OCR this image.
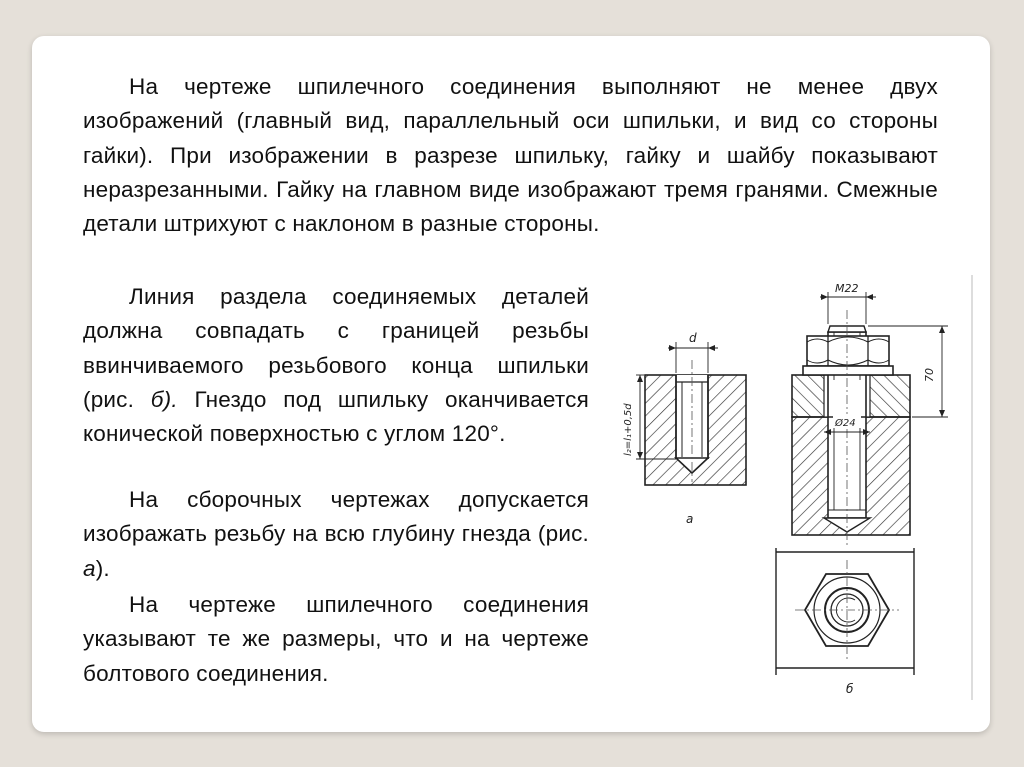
На чертеже шпилечного соединения выполняют не менее двух изображений (главный вид, параллельный оси шпильки, и вид со стороны гайки). При изображении в разрезе шпильку, гайку и шайбу показывают неразрезанными. Гайку на главном виде изображают тремя гранями. Смежные детали штрихуют с наклоном в разные стороны.

Линия раздела соединяемых деталей должна совпадать с границей резьбы ввинчиваемого резьбового конца шпильки (рис. б). Гнездо под шпильку оканчивается конической поверхностью с углом 120°.

На сборочных чертежах допускается изображать резьбу на всю глубину гнезда (рис. а).

На чертеже шпилечного соединения указывают те же размеры, что и на чертеже болтового соединения.

d
l₂=l₁+0,5d
а
M22
70
Ø24
б
